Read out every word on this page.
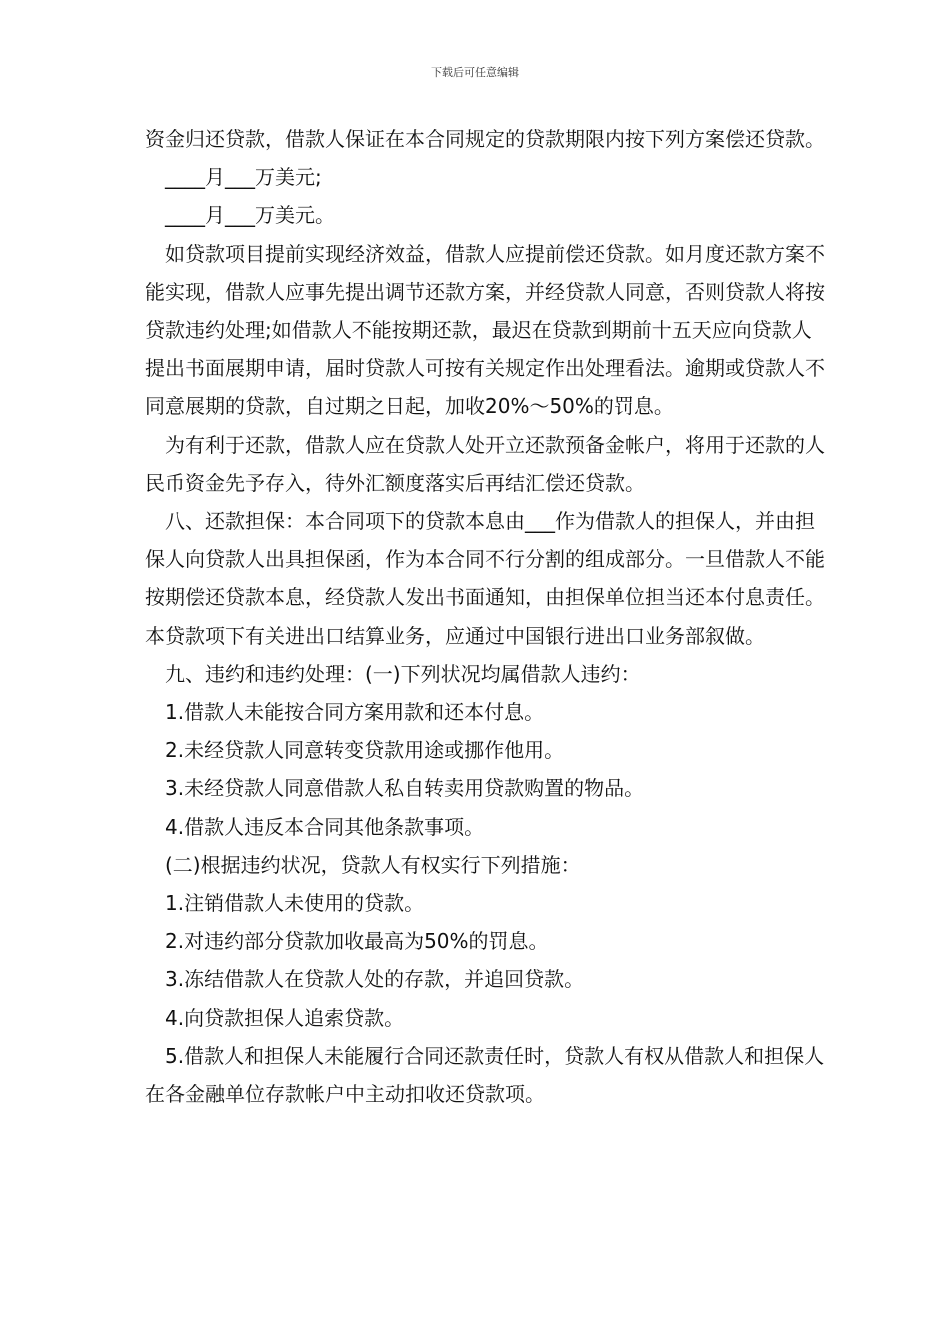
下载后可任意编辑

资金归还贷款，借款人保证在本合同规定的贷款期限内按下列方案偿还贷款。

____月___万美元;

____月___万美元。

如贷款项目提前实现经济效益，借款人应提前偿还贷款。如月度还款方案不能实现，借款人应事先提出调节还款方案，并经贷款人同意，否则贷款人将按贷款违约处理;如借款人不能按期还款，最迟在贷款到期前十五天应向贷款人提出书面展期申请，届时贷款人可按有关规定作出处理看法。逾期或贷款人不同意展期的贷款，自过期之日起，加收20%～50%的罚息。

为有利于还款，借款人应在贷款人处开立还款预备金帐户，将用于还款的人民币资金先予存入，待外汇额度落实后再结汇偿还贷款。

八、还款担保：本合同项下的贷款本息由___作为借款人的担保人，并由担保人向贷款人出具担保函，作为本合同不行分割的组成部分。一旦借款人不能按期偿还贷款本息，经贷款人发出书面通知，由担保单位担当还本付息责任。本贷款项下有关进出口结算业务，应通过中国银行进出口业务部叙做。

九、违约和违约处理：(一)下列状况均属借款人违约：

1.借款人未能按合同方案用款和还本付息。

2.未经贷款人同意转变贷款用途或挪作他用。

3.未经贷款人同意借款人私自转卖用贷款购置的物品。

4.借款人违反本合同其他条款事项。

(二)根据违约状况，贷款人有权实行下列措施：

1.注销借款人未使用的贷款。

2.对违约部分贷款加收最高为50%的罚息。

3.冻结借款人在贷款人处的存款，并追回贷款。

4.向贷款担保人追索贷款。

5.借款人和担保人未能履行合同还款责任时，贷款人有权从借款人和担保人在各金融单位存款帐户中主动扣收还贷款项。
